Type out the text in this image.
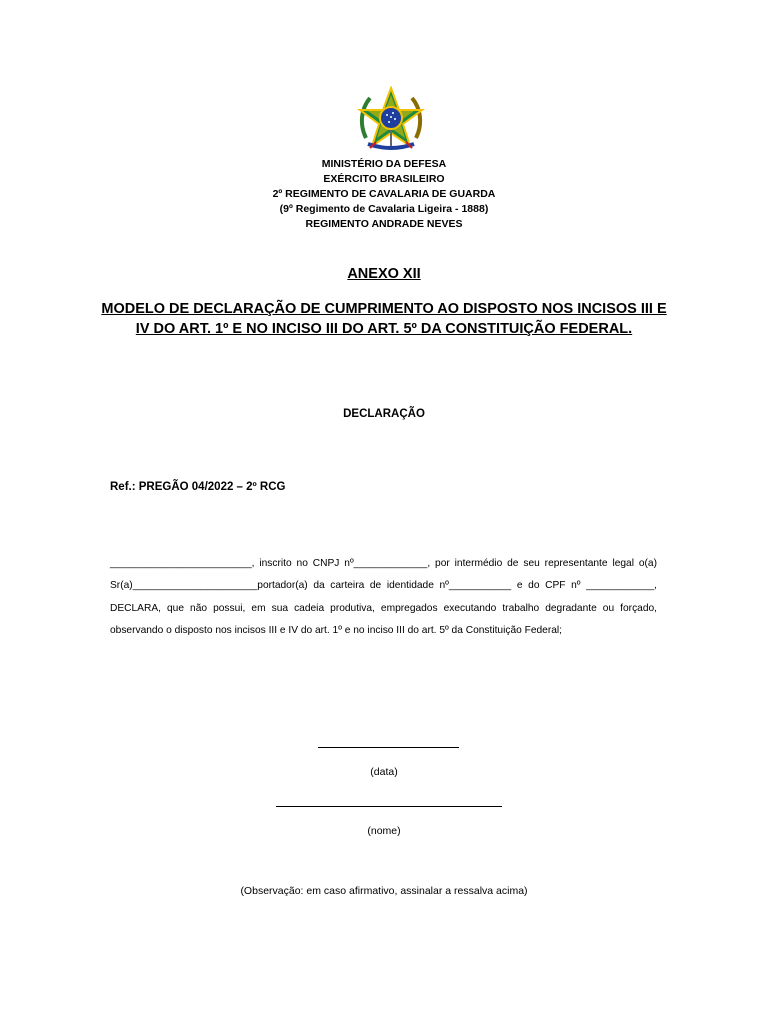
MINISTÉRIO DA DEFESA
EXÉRCITO BRASILEIRO
2º REGIMENTO DE CAVALARIA DE GUARDA
(9º Regimento de Cavalaria Ligeira - 1888)
REGIMENTO ANDRADE NEVES
ANEXO XII
MODELO DE DECLARAÇÃO DE CUMPRIMENTO AO DISPOSTO NOS INCISOS III E IV DO ART. 1º E NO INCISO III DO ART. 5º DA CONSTITUIÇÃO FEDERAL.
DECLARAÇÃO
Ref.: PREGÃO 04/2022 – 2º RCG
_________________________, inscrito no CNPJ nº_____________, por intermédio de seu representante legal o(a) Sr(a)______________________portador(a) da carteira de identidade nº___________ e do CPF nº ____________, DECLARA, que não possui, em sua cadeia produtiva, empregados executando trabalho degradante ou forçado, observando o disposto nos incisos III e IV do art. 1º e no inciso III do art. 5º da Constituição Federal;
(data)
(nome)
(Observação: em caso afirmativo, assinalar a ressalva acima)
